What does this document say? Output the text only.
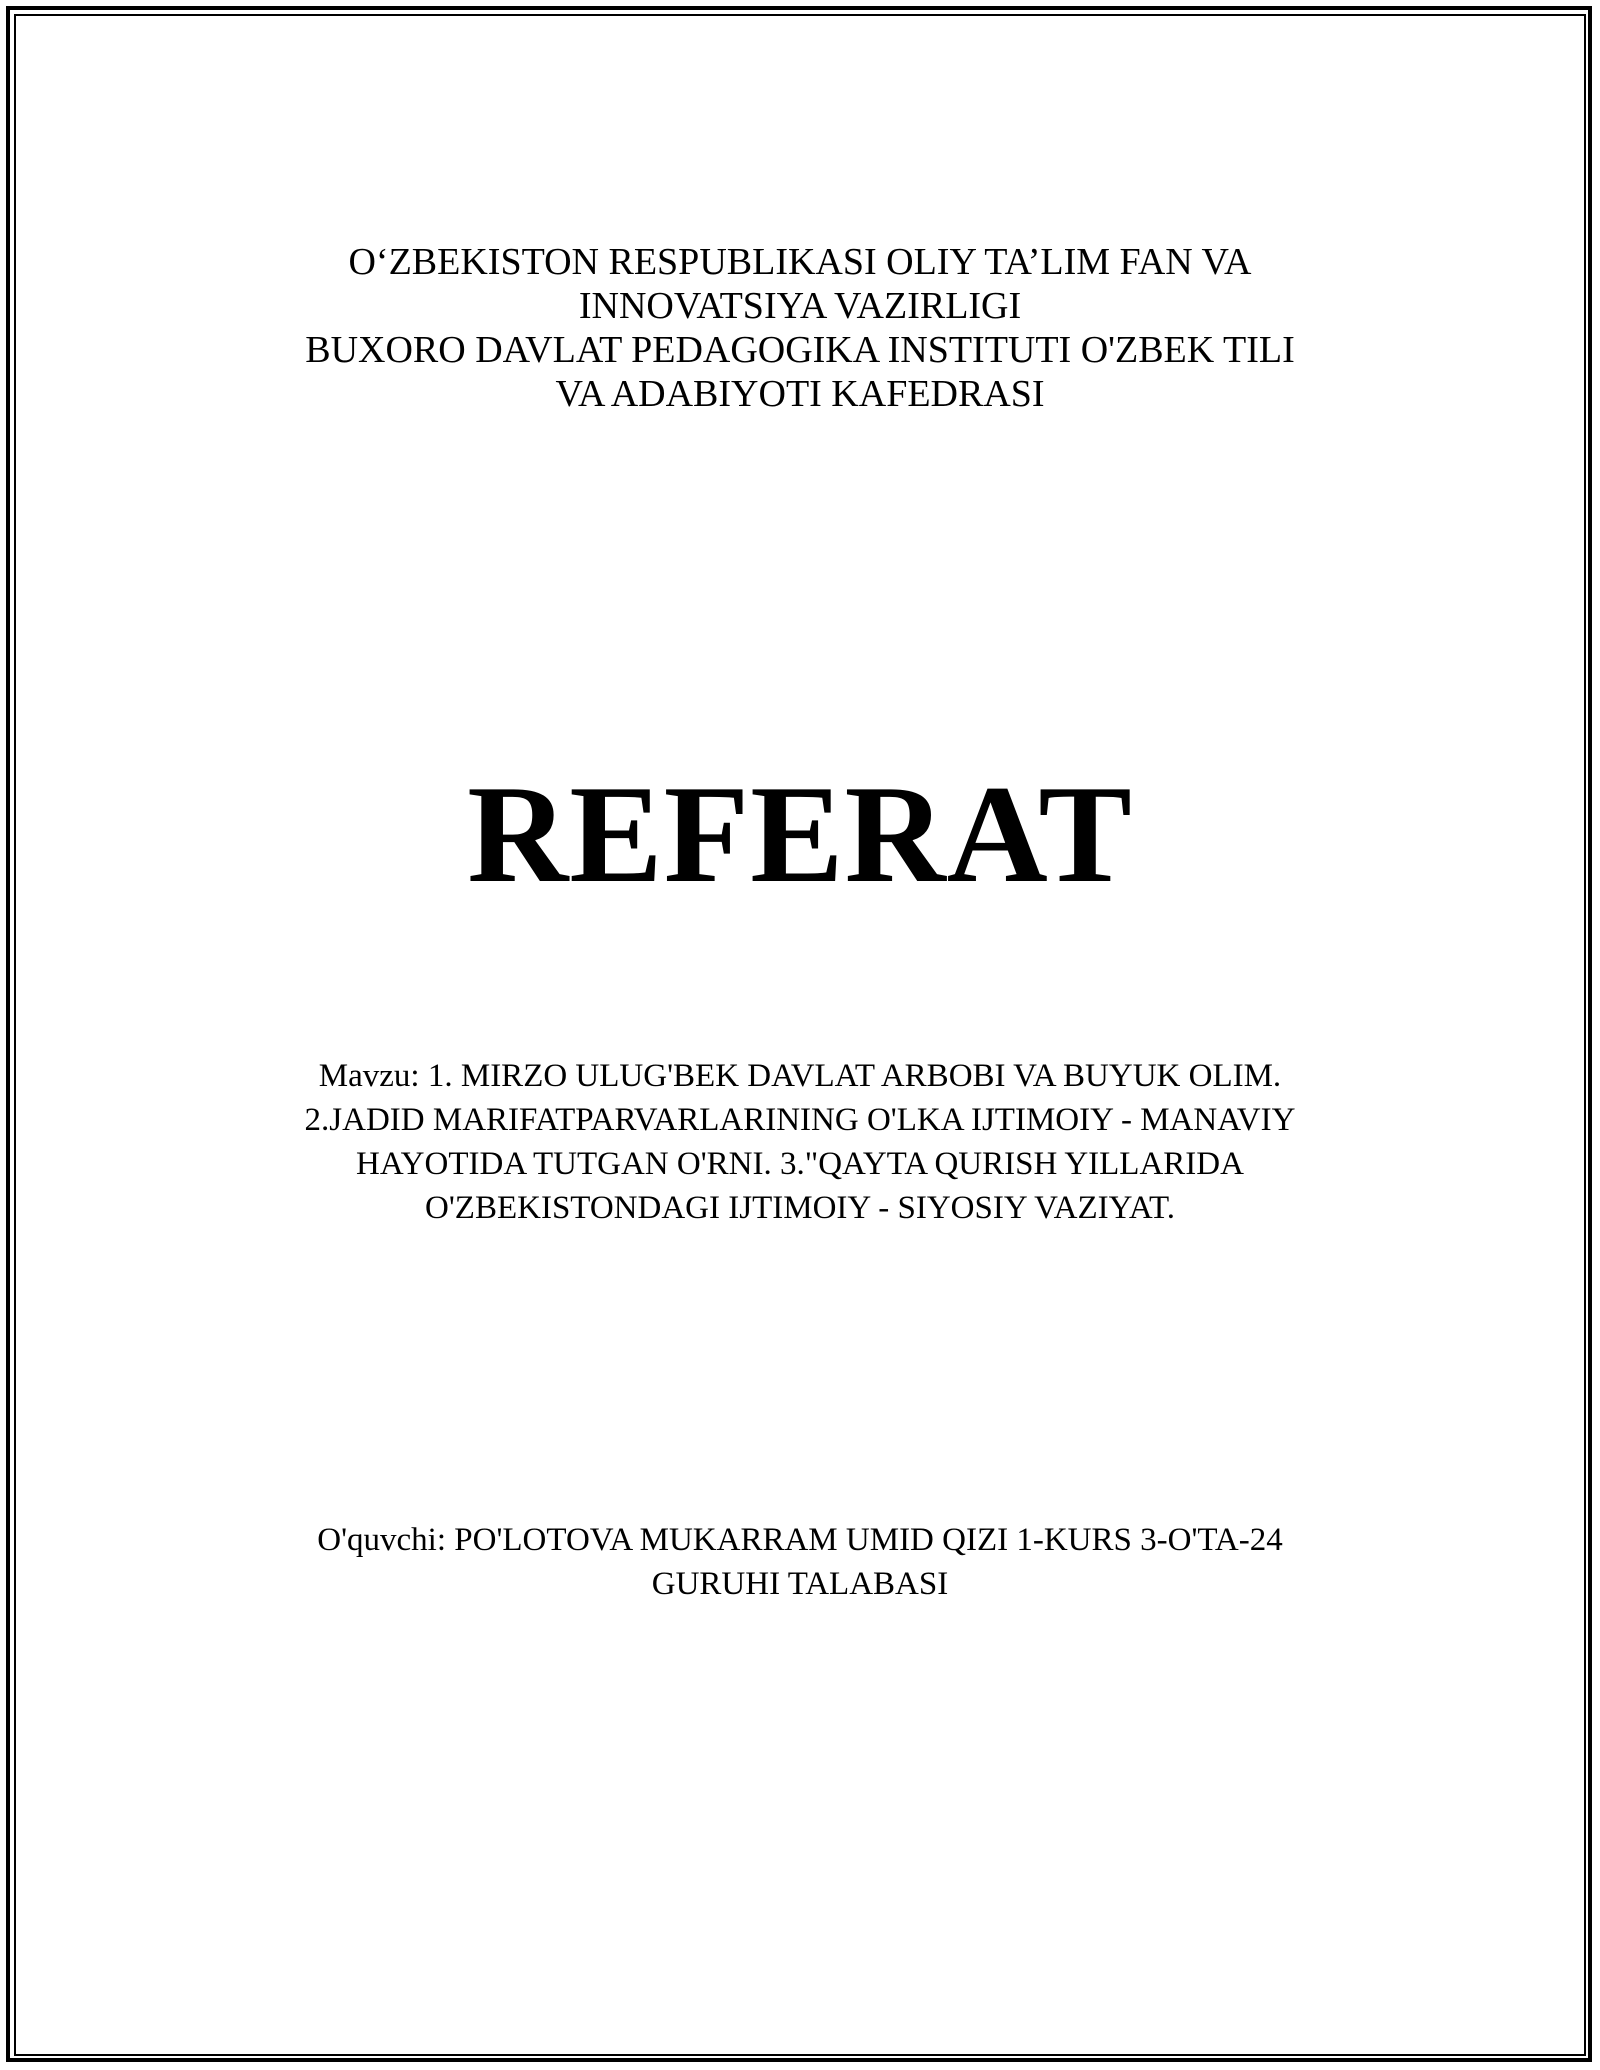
O‘ZBEKISTON RESPUBLIKASI OLIY TA’LIM FAN VA
INNOVATSIYA VAZIRLIGI
BUXORO DAVLAT PEDAGOGIKA INSTITUTI O'ZBEK TILI
VA ADABIYOTI KAFEDRASI
REFERAT
Mavzu: 1. MIRZO ULUG'BEK DAVLAT ARBOBI VA BUYUK OLIM.
2.JADID MARIFATPARVARLARINING O'LKA IJTIMOIY - MANAVIY
HAYOTIDA TUTGAN O'RNI. 3."QAYTA QURISH YILLARIDA
O'ZBEKISTONDAGI IJTIMOIY - SIYOSIY VAZIYAT.
O'quvchi: PO'LOTOVA MUKARRAM UMID QIZI 1-KURS 3-O'TA-24
GURUHI TALABASI
